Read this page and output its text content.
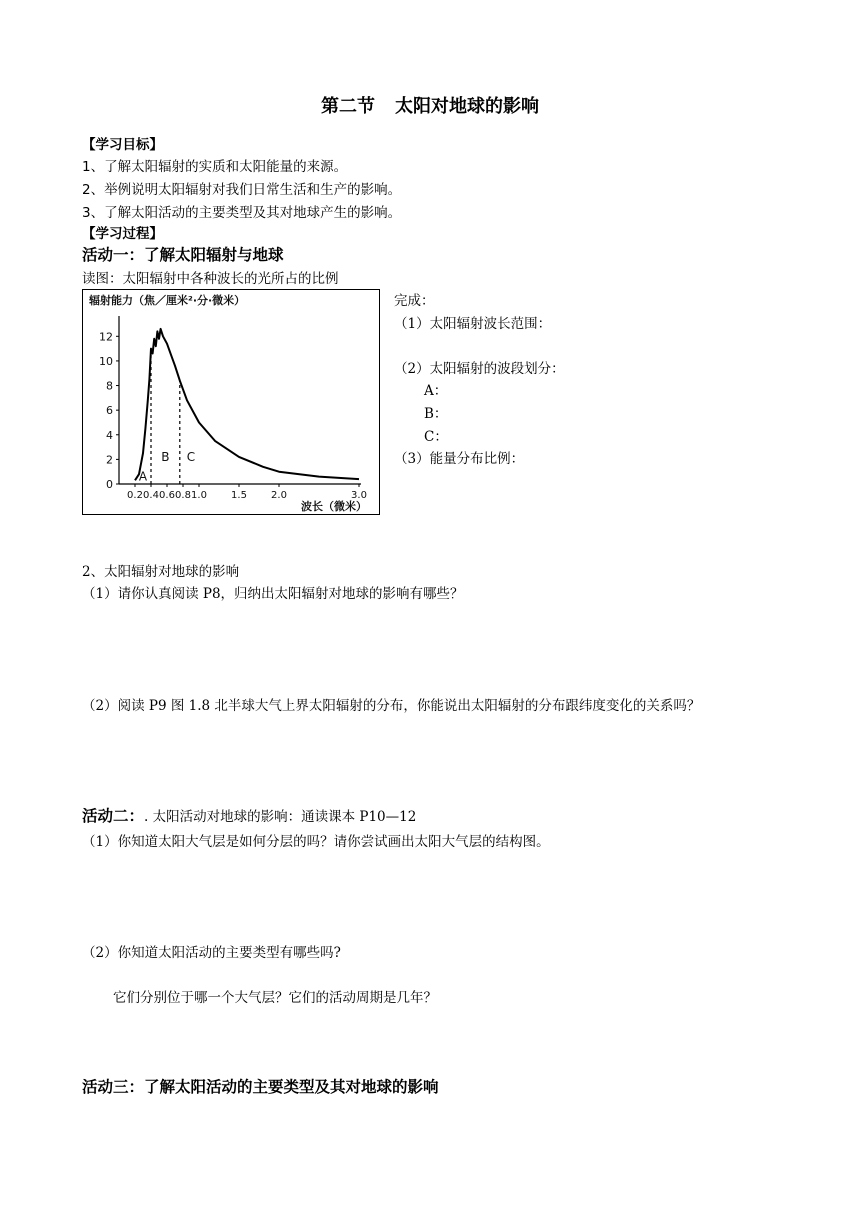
第二节 太阳对地球的影响
【学习目标】
1、了解太阳辐射的实质和太阳能量的来源。
2、举例说明太阳辐射对我们日常生活和生产的影响。
3、了解太阳活动的主要类型及其对地球产生的影响。
【学习过程】
活动一：了解太阳辐射与地球
读图：太阳辐射中各种波长的光所占的比例
辐射能力（焦／厘米²·分·微米）
波长（微米）
0
2
4
6
8
10
12
0.2 0.4 0.6 0.8 1.0 1.5 2.0	3.0
A
B C
完成：
（1）太阳辐射波长范围：
（2）太阳辐射的波段划分：
A：
B：
C：
（3）能量分布比例：
2、太阳辐射对地球的影响
（1）请你认真阅读 P8，归纳出太阳辐射对地球的影响有哪些？
（2）阅读 P9 图 1.8 北半球大气上界太阳辐射的分布，你能说出太阳辐射的分布跟纬度变化的关系吗？
活动二：. 太阳活动对地球的影响：通读课本 P10—12
（1）你知道太阳大气层是如何分层的吗？请你尝试画出太阳大气层的结构图。
（2）你知道太阳活动的主要类型有哪些吗?
它们分别位于哪一个大气层？它们的活动周期是几年？
活动三：了解太阳活动的主要类型及其对地球的影响
